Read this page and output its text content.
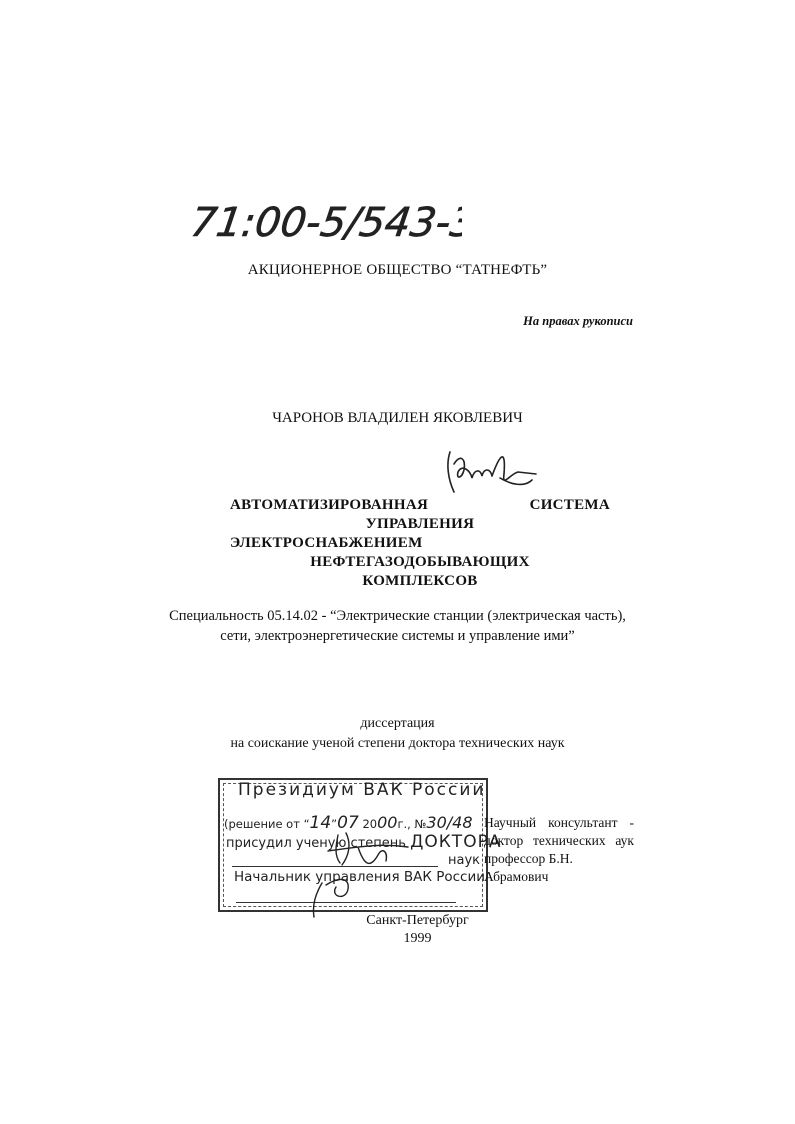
71:00-5/543-3
АКЦИОНЕРНОЕ ОБЩЕСТВО “ТАТНЕФТЬ”
На правах рукописи
ЧАРОНОВ ВЛАДИЛЕН ЯКОВЛЕВИЧ
АВТОМАТИЗИРОВАННАЯ СИСТЕМА УПРАВЛЕНИЯ
ЭЛЕКТРОСНАБЖЕНИЕМ НЕФТЕГАЗОДОБЫВАЮЩИХ
КОМПЛЕКСОВ
Специальность 05.14.02 - “Электрические станции (электрическая часть),
сети, электроэнергетические системы и управление ими”
диссертация
на соискание ученой степени доктора технических наук
Президиум ВАК России
(решение от “14”07 2000г., №30/48
присудил ученую степень ДОКТОРА
наук
Начальник управления ВАК России
Научный консультант -
доктор технических аук
профессор Б.Н. Абрамович
Санкт-Петербург
1999
